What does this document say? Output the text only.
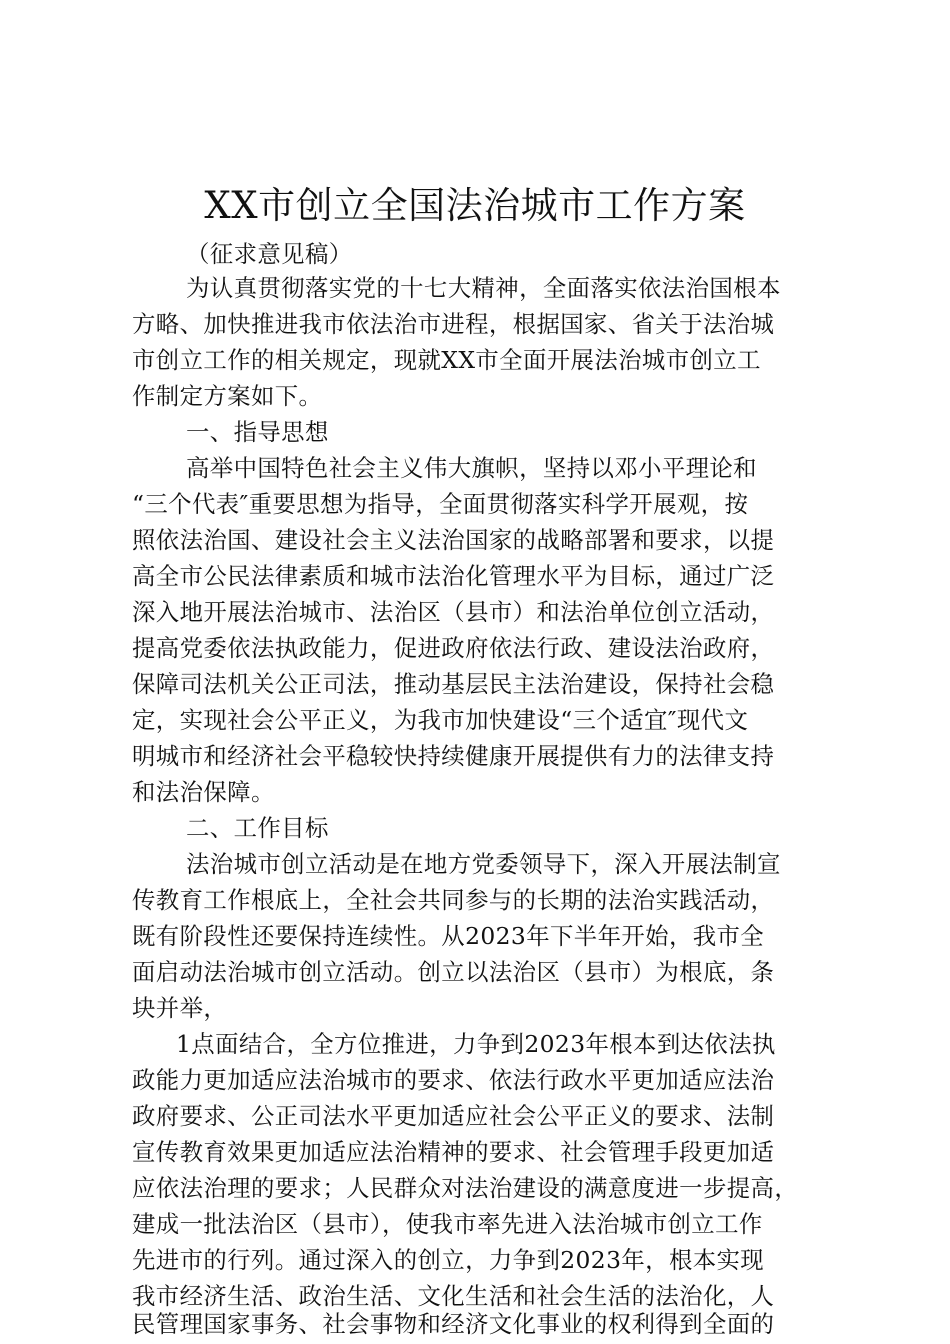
XX市创立全国法治城市工作方案
（征求意见稿）
为认真贯彻落实党的十七大精神，全面落实依法治国根本
方略、加快推进我市依法治市进程，根据国家、省关于法治城
市创立工作的相关规定，现就XX市全面开展法治城市创立工
作制定方案如下。
一、指导思想
高举中国特色社会主义伟大旗帜，坚持以邓小平理论和
“三个代表″重要思想为指导，全面贯彻落实科学开展观，按
照依法治国、建设社会主义法治国家的战略部署和要求，以提
高全市公民法律素质和城市法治化管理水平为目标，通过广泛
深入地开展法治城市、法治区（县市）和法治单位创立活动，
提高党委依法执政能力，促进政府依法行政、建设法治政府，
保障司法机关公正司法，推动基层民主法治建设，保持社会稳
定，实现社会公平正义，为我市加快建设“三个适宜″现代文
明城市和经济社会平稳较快持续健康开展提供有力的法律支持
和法治保障。
二、工作目标
法治城市创立活动是在地方党委领导下，深入开展法制宣
传教育工作根底上，全社会共同参与的长期的法治实践活动，
既有阶段性还要保持连续性。从2023年下半年开始，我市全
面启动法治城市创立活动。创立以法治区（县市）为根底，条
块并举，
1点面结合，全方位推进，力争到2023年根本到达依法执
政能力更加适应法治城市的要求、依法行政水平更加适应法治
政府要求、公正司法水平更加适应社会公平正义的要求、法制
宣传教育效果更加适应法治精神的要求、社会管理手段更加适
应依法治理的要求；人民群众对法治建设的满意度进一步提高，
建成一批法治区（县市），使我市率先进入法治城市创立工作
先进市的行列。通过深入的创立，力争到2023年，根本实现
我市经济生活、政治生活、文化生活和社会生活的法治化，人
民管理国家事务、社会事物和经济文化事业的权利得到全面的
